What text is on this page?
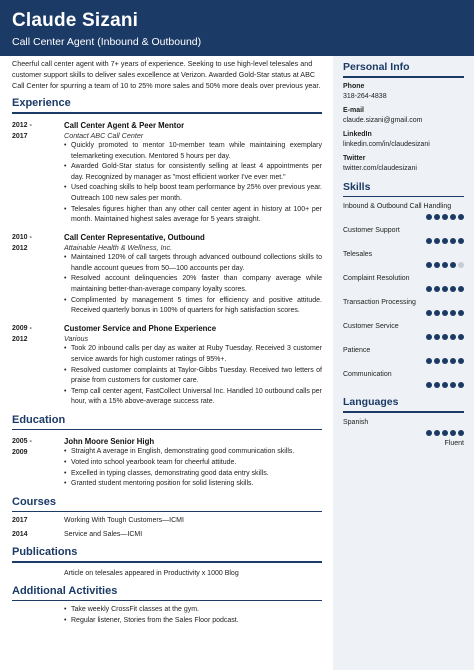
Claude Sizani
Call Center Agent (Inbound & Outbound)

Cheerful call center agent with 7+ years of experience. Seeking to use high-level telesales and customer support skills to deliver sales excellence at Verizon. Awarded Gold-Star status at ABC Call Center for spurring a team of 10 to 25% more sales and 50% more deals over previous year.

Experience
2012 -
2017
Call Center Agent & Peer Mentor
Contact ABC Call Center
• Quickly promoted to mentor 10-member team while maintaining exemplary telemarketing execution. Mentored 5 hours per day.
• Awarded Gold-Star status for consistently selling at least 4 appointments per day. Recognized by manager as "most efficient worker I've ever met."
• Used coaching skills to help boost team performance by 25% over previous year. Outreach 100 new sales per month.
• Telesales figures higher than any other call center agent in history at 100+ per month. Maintained highest sales average for 5 years straight.
2010 -
2012
Call Center Representative, Outbound
Attainable Health & Wellness, Inc.
• Maintained 120% of call targets through advanced outbound collections skills to handle account queues from 50—100 accounts per day.
• Resolved account delinquencies 20% faster than company average while maintaining better-than-average company loyalty scores.
• Complimented by management 5 times for efficiency and positive attitude. Received quarterly bonus in 100% of quarters for high satisfaction scores.
2009 -
2012
Customer Service and Phone Experience
Various
• Took 20 inbound calls per day as waiter at Ruby Tuesday. Received 3 customer service awards for high customer ratings of 95%+.
• Resolved customer complaints at Taylor-Gibbs Tuesday. Received two letters of praise from customers for customer care.
• Temp call center agent, FastCollect Universal Inc. Handled 10 outbound calls per hour, with a 15% above-average success rate.
Education
2005 -
2009
John Moore Senior High
• Straight A average in English, demonstrating good communication skills.
• Voted into school yearbook team for cheerful attitude.
• Excelled in typing classes, demonstrating good data entry skills.
• Granted student mentoring position for solid listening skills.
Courses
2017	Working With Tough Customers—ICMI
2014	Service and Sales—ICMI
Publications
Article on telesales appeared in Productivity x 1000 Blog
Additional Activities
• Take weekly CrossFit classes at the gym.
• Regular listener, Stories from the Sales Floor podcast.
Personal Info
Phone
318-264-4838
E-mail
claude.sizani@gmail.com
LinkedIn
linkedin.com/in/claudesizani
Twitter
twitter.com/claudesizani
Skills
Inbound & Outbound Call Handling
Customer Support
Telesales
Complaint Resolution
Transaction Processing
Customer Service
Patience
Communication
Languages
Spanish
Fluent
